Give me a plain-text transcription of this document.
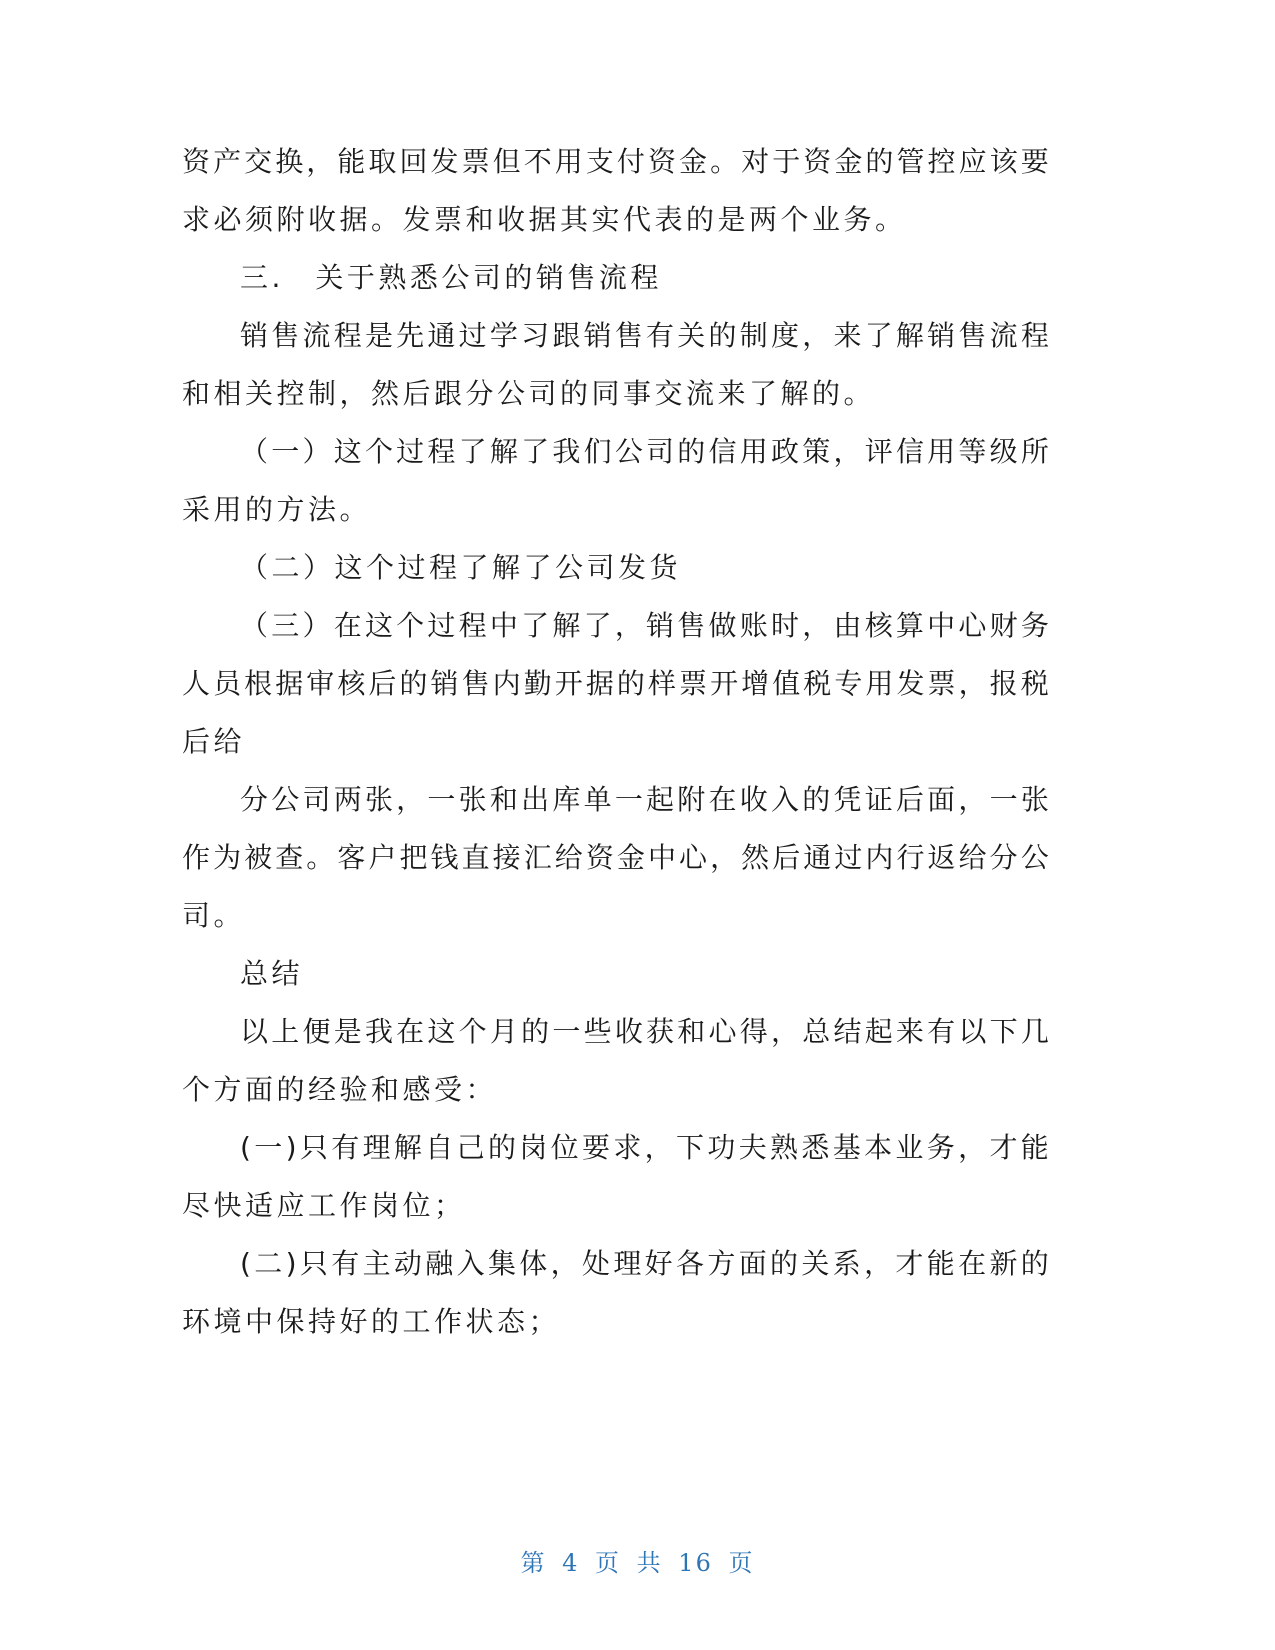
资 产 交 换 ， 能 取 回 发 票 但 不 用 支 付 资 金 。 对 于 资 金 的 管 控 应 该 要
求必须附收据。发票和收据其实代表的是两个业务。
三.　关于熟悉公司的销售流程
销 售 流 程 是 先 通 过 学 习 跟 销 售 有 关 的 制 度 ， 来 了 解 销 售 流 程
和相关控制，然后跟分公司的同事交流来了解的。
（ 一 ） 这 个 过 程 了 解 了 我 们 公 司 的 信 用 政 策 ， 评 信 用 等 级 所
采用的方法。
（二）这个过程了解了公司发货
（ 三 ） 在 这 个 过 程 中 了 解 了 ， 销 售 做 账 时 ， 由 核 算 中 心 财 务
人 员 根 据 审 核 后 的 销 售 内 勤 开 据 的 样 票 开 增 值 税 专 用 发 票 ， 报 税
后给
分 公 司 两 张 ， 一 张 和 出 库 单 一 起 附 在 收 入 的 凭 证 后 面 ， 一 张
作 为 被 查 。 客 户 把 钱 直 接 汇 给 资 金 中 心 ， 然 后 通 过 内 行 返 给 分 公
司。
总结
以 上 便 是 我 在 这 个 月 的 一 些 收 获 和 心 得 ， 总 结 起 来 有 以 下 几
个方面的经验和感受：
( 一 ) 只 有 理 解 自 己 的 岗 位 要 求 ， 下 功 夫 熟 悉 基 本 业 务 ， 才 能
尽快适应工作岗位；
( 二 ) 只 有 主 动 融 入 集 体 ， 处 理 好 各 方 面 的 关 系 ， 才 能 在 新 的
环境中保持好的工作状态；
第 4 页 共 16 页
